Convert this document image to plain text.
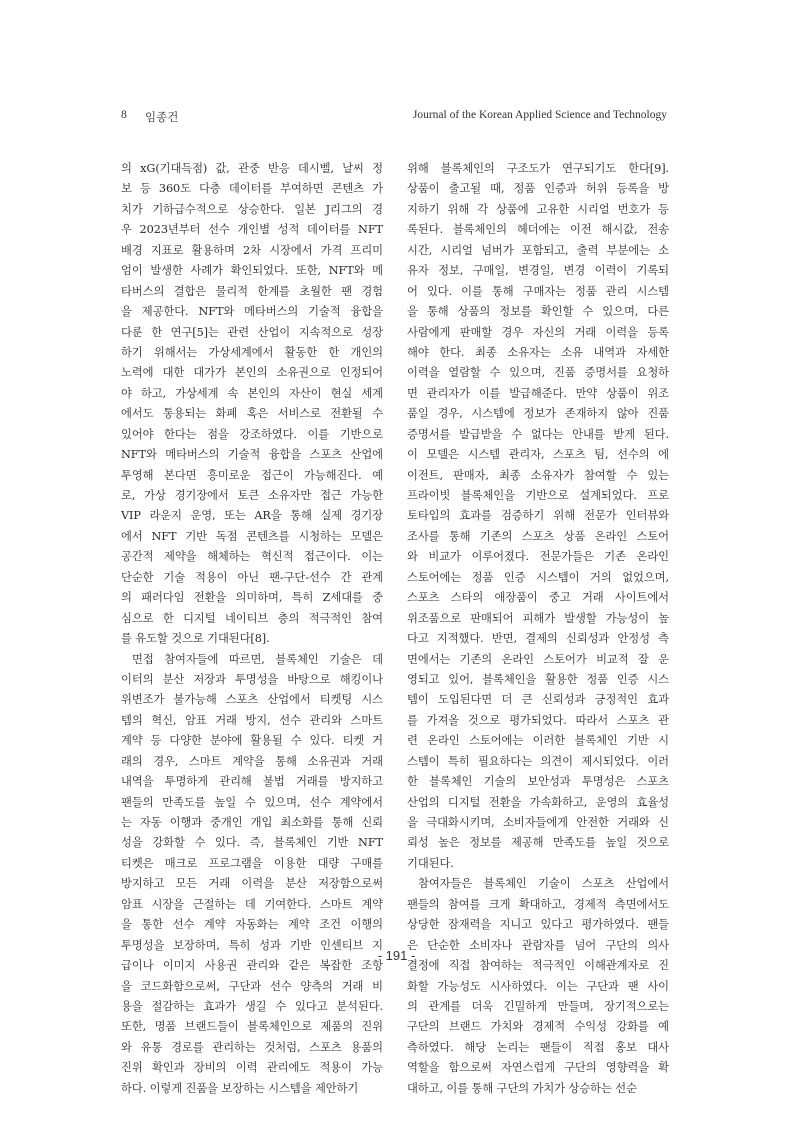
8 임종건	Journal of the Korean Applied Science and Technology
의 xG(기대득점) 값, 관중 반응 데시벨, 날씨 정
보 등 360도 다층 데이터를 부여하면 콘텐츠 가
치가 기하급수적으로 상승한다. 일본 J리그의 경
우 2023년부터 선수 개인별 성적 데이터를 NFT
배경 지표로 활용하며 2차 시장에서 가격 프리미
엄이 발생한 사례가 확인되었다. 또한, NFT와 메
타버스의 결합은 물리적 한계를 초월한 팬 경험
을 제공한다. NFT와 메타버스의 기술적 융합을
다룬 한 연구[5]는 관련 산업이 지속적으로 성장
하기 위해서는 가상세계에서 활동한 한 개인의
노력에 대한 대가가 본인의 소유권으로 인정되어
야 하고, 가상세계 속 본인의 자산이 현실 세계
에서도 통용되는 화폐 혹은 서비스로 전환될 수
있어야 한다는 점을 강조하였다. 이를 기반으로
NFT와 메타버스의 기술적 융합을 스포츠 산업에
투영해 본다면 흥미로운 접근이 가능해진다. 예
로, 가상 경기장에서 토큰 소유자만 접근 가능한
VIP 라운지 운영, 또는 AR을 통해 실제 경기장
에서 NFT 기반 독점 콘텐츠를 시청하는 모델은
공간적 제약을 해체하는 혁신적 접근이다. 이는
단순한 기술 적용이 아닌 팬-구단-선수 간 관계
의 패러다임 전환을 의미하며, 특히 Z세대를 중
심으로 한 디지털 네이티브 층의 적극적인 참여
를 유도할 것으로 기대된다[8].
면접 참여자들에 따르면, 블록체인 기술은 데
이터의 분산 저장과 투명성을 바탕으로 해킹이나
위변조가 불가능해 스포츠 산업에서 티켓팅 시스
템의 혁신, 암표 거래 방지, 선수 관리와 스마트
계약 등 다양한 분야에 활용될 수 있다. 티켓 거
래의 경우, 스마트 계약을 통해 소유권과 거래
내역을 투명하게 관리해 불법 거래를 방지하고
팬들의 만족도를 높일 수 있으며, 선수 계약에서
는 자동 이행과 중개인 개입 최소화를 통해 신뢰
성을 강화할 수 있다. 즉, 블록체인 기반 NFT
티켓은 매크로 프로그램을 이용한 대량 구매를
방지하고 모든 거래 이력을 분산 저장함으로써
암표 시장을 근절하는 데 기여한다. 스마트 계약
을 통한 선수 계약 자동화는 계약 조건 이행의
투명성을 보장하며, 특히 성과 기반 인센티브 지
급이나 이미지 사용권 관리와 같은 복잡한 조항
을 코드화함으로써, 구단과 선수 양측의 거래 비
용을 절감하는 효과가 생길 수 있다고 분석된다.
또한, 명품 브랜드들이 블록체인으로 제품의 진위
와 유통 경로를 관리하는 것처럼, 스포츠 용품의
진위 확인과 장비의 이력 관리에도 적용이 가능
하다. 이렇게 진품을 보장하는 시스템을 제안하기
위해 블록체인의 구조도가 연구되기도 한다[9].
상품이 출고될 때, 정품 인증과 허위 등록을 방
지하기 위해 각 상품에 고유한 시리얼 번호가 등
록된다. 블록체인의 헤더에는 이전 해시값, 전송
시간, 시리얼 넘버가 포함되고, 출력 부분에는 소
유자 정보, 구매일, 변경일, 변경 이력이 기록되
어 있다. 이를 통해 구매자는 정품 관리 시스템
을 통해 상품의 정보를 확인할 수 있으며, 다른
사람에게 판매할 경우 자신의 거래 이력을 등록
해야 한다. 최종 소유자는 소유 내역과 자세한
이력을 열람할 수 있으며, 진품 증명서를 요청하
면 관리자가 이를 발급해준다. 만약 상품이 위조
품일 경우, 시스템에 정보가 존재하지 않아 진품
증명서를 발급받을 수 없다는 안내를 받게 된다.
이 모델은 시스템 관리자, 스포츠 팀, 선수의 에
이전트, 판매자, 최종 소유자가 참여할 수 있는
프라이빗 블록체인을 기반으로 설계되었다. 프로
토타입의 효과를 검증하기 위해 전문가 인터뷰와
조사를 통해 기존의 스포츠 상품 온라인 스토어
와 비교가 이루어졌다. 전문가들은 기존 온라인
스토어에는 정품 인증 시스템이 거의 없었으며,
스포츠 스타의 애장품이 중고 거래 사이트에서
위조품으로 판매되어 피해가 발생할 가능성이 높
다고 지적했다. 반면, 결제의 신뢰성과 안정성 측
면에서는 기존의 온라인 스토어가 비교적 잘 운
영되고 있어, 블록체인을 활용한 정품 인증 시스
템이 도입된다면 더 큰 신뢰성과 긍정적인 효과
를 가져올 것으로 평가되었다. 따라서 스포츠 관
련 온라인 스토어에는 이러한 블록체인 기반 시
스템이 특히 필요하다는 의견이 제시되었다. 이러
한 블록체인 기술의 보안성과 투명성은 스포츠
산업의 디지털 전환을 가속화하고, 운영의 효율성
을 극대화시키며, 소비자들에게 안전한 거래와 신
뢰성 높은 정보를 제공해 만족도를 높일 것으로
기대된다.
참여자들은 블록체인 기술이 스포츠 산업에서
팬들의 참여를 크게 확대하고, 경제적 측면에서도
상당한 잠재력을 지니고 있다고 평가하였다. 팬들
은 단순한 소비자나 관람자를 넘어 구단의 의사
결정에 직접 참여하는 적극적인 이해관계자로 진
화할 가능성도 시사하였다. 이는 구단과 팬 사이
의 관계를 더욱 긴밀하게 만들며, 장기적으로는
구단의 브랜드 가치와 경제적 수익성 강화를 예
측하였다. 해당 논리는 팬들이 직접 홍보 대사
역할을 함으로써 자연스럽게 구단의 영향력을 확
대하고, 이를 통해 구단의 가치가 상승하는 선순
- 191 -
